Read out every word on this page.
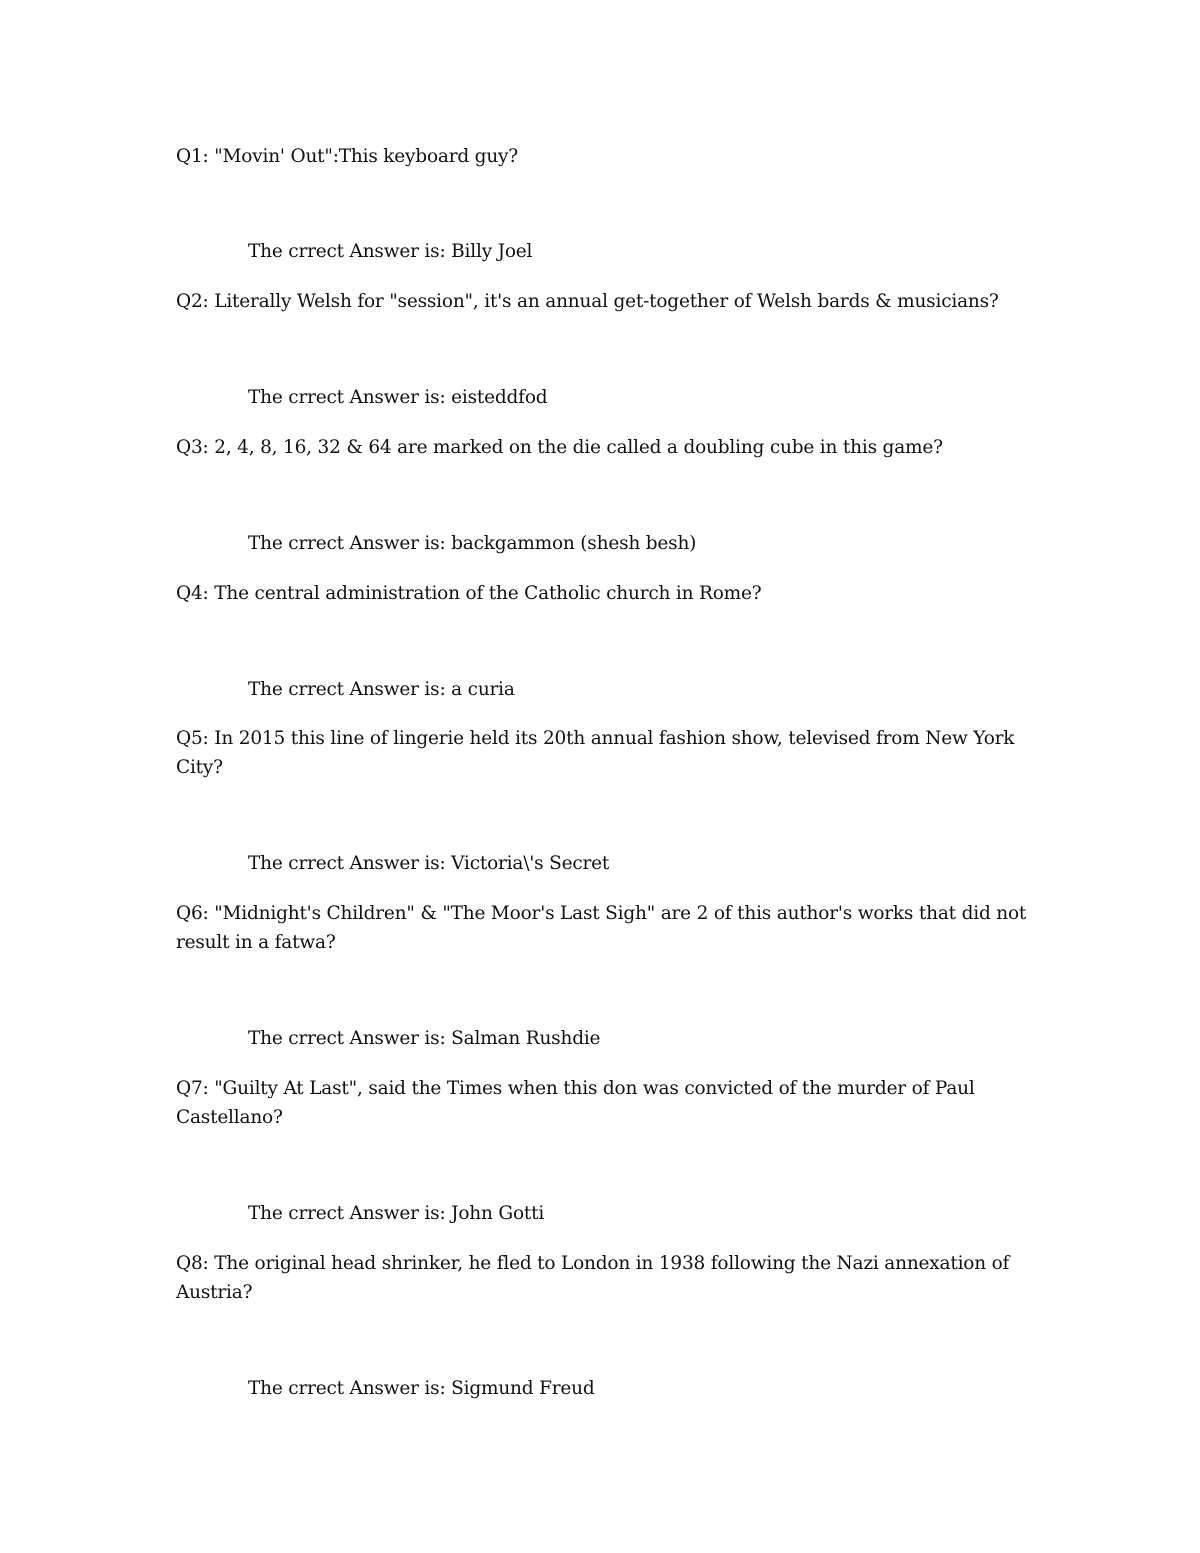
Q1: "Movin' Out":This keyboard guy?
The crrect Answer is: Billy Joel
Q2: Literally Welsh for "session", it's an annual get-together of Welsh bards & musicians?
The crrect Answer is: eisteddfod
Q3: 2, 4, 8, 16, 32 & 64 are marked on the die called a doubling cube in this game?
The crrect Answer is: backgammon (shesh besh)
Q4: The central administration of the Catholic church in Rome?
The crrect Answer is: a curia
Q5: In 2015 this line of lingerie held its 20th annual fashion show, televised from New York City?
The crrect Answer is: Victoria\'s Secret
Q6: "Midnight's Children" & "The Moor's Last Sigh" are 2 of this author's works that did not result in a fatwa?
The crrect Answer is: Salman Rushdie
Q7: "Guilty At Last", said the Times when this don was convicted of the murder of Paul Castellano?
The crrect Answer is: John Gotti
Q8: The original head shrinker, he fled to London in 1938 following the Nazi annexation of Austria?
The crrect Answer is: Sigmund Freud
